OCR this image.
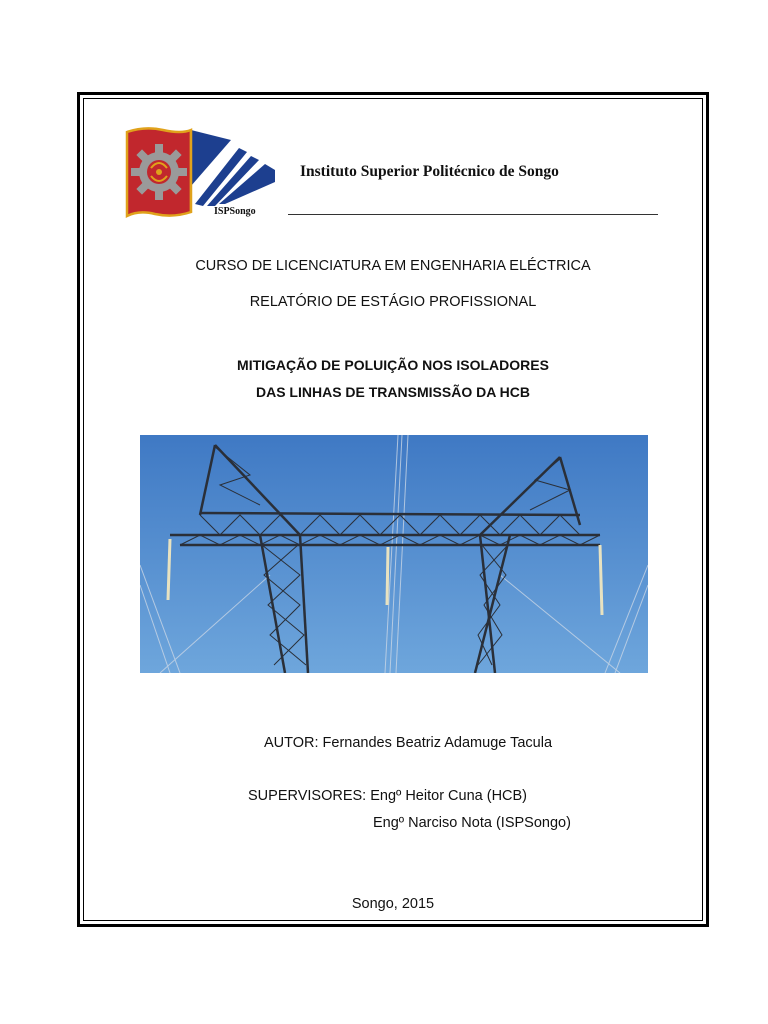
ISPSongo
Instituto Superior Politécnico de Songo
CURSO DE LICENCIATURA EM ENGENHARIA ELÉCTRICA
RELATÓRIO DE ESTÁGIO PROFISSIONAL
MITIGAÇÃO DE POLUIÇÃO NOS ISOLADORES
DAS LINHAS DE TRANSMISSÃO DA HCB
AUTOR: Fernandes Beatriz Adamuge Tacula
SUPERVISORES: Engº Heitor Cuna (HCB)
Engº Narciso Nota (ISPSongo)
Songo, 2015
